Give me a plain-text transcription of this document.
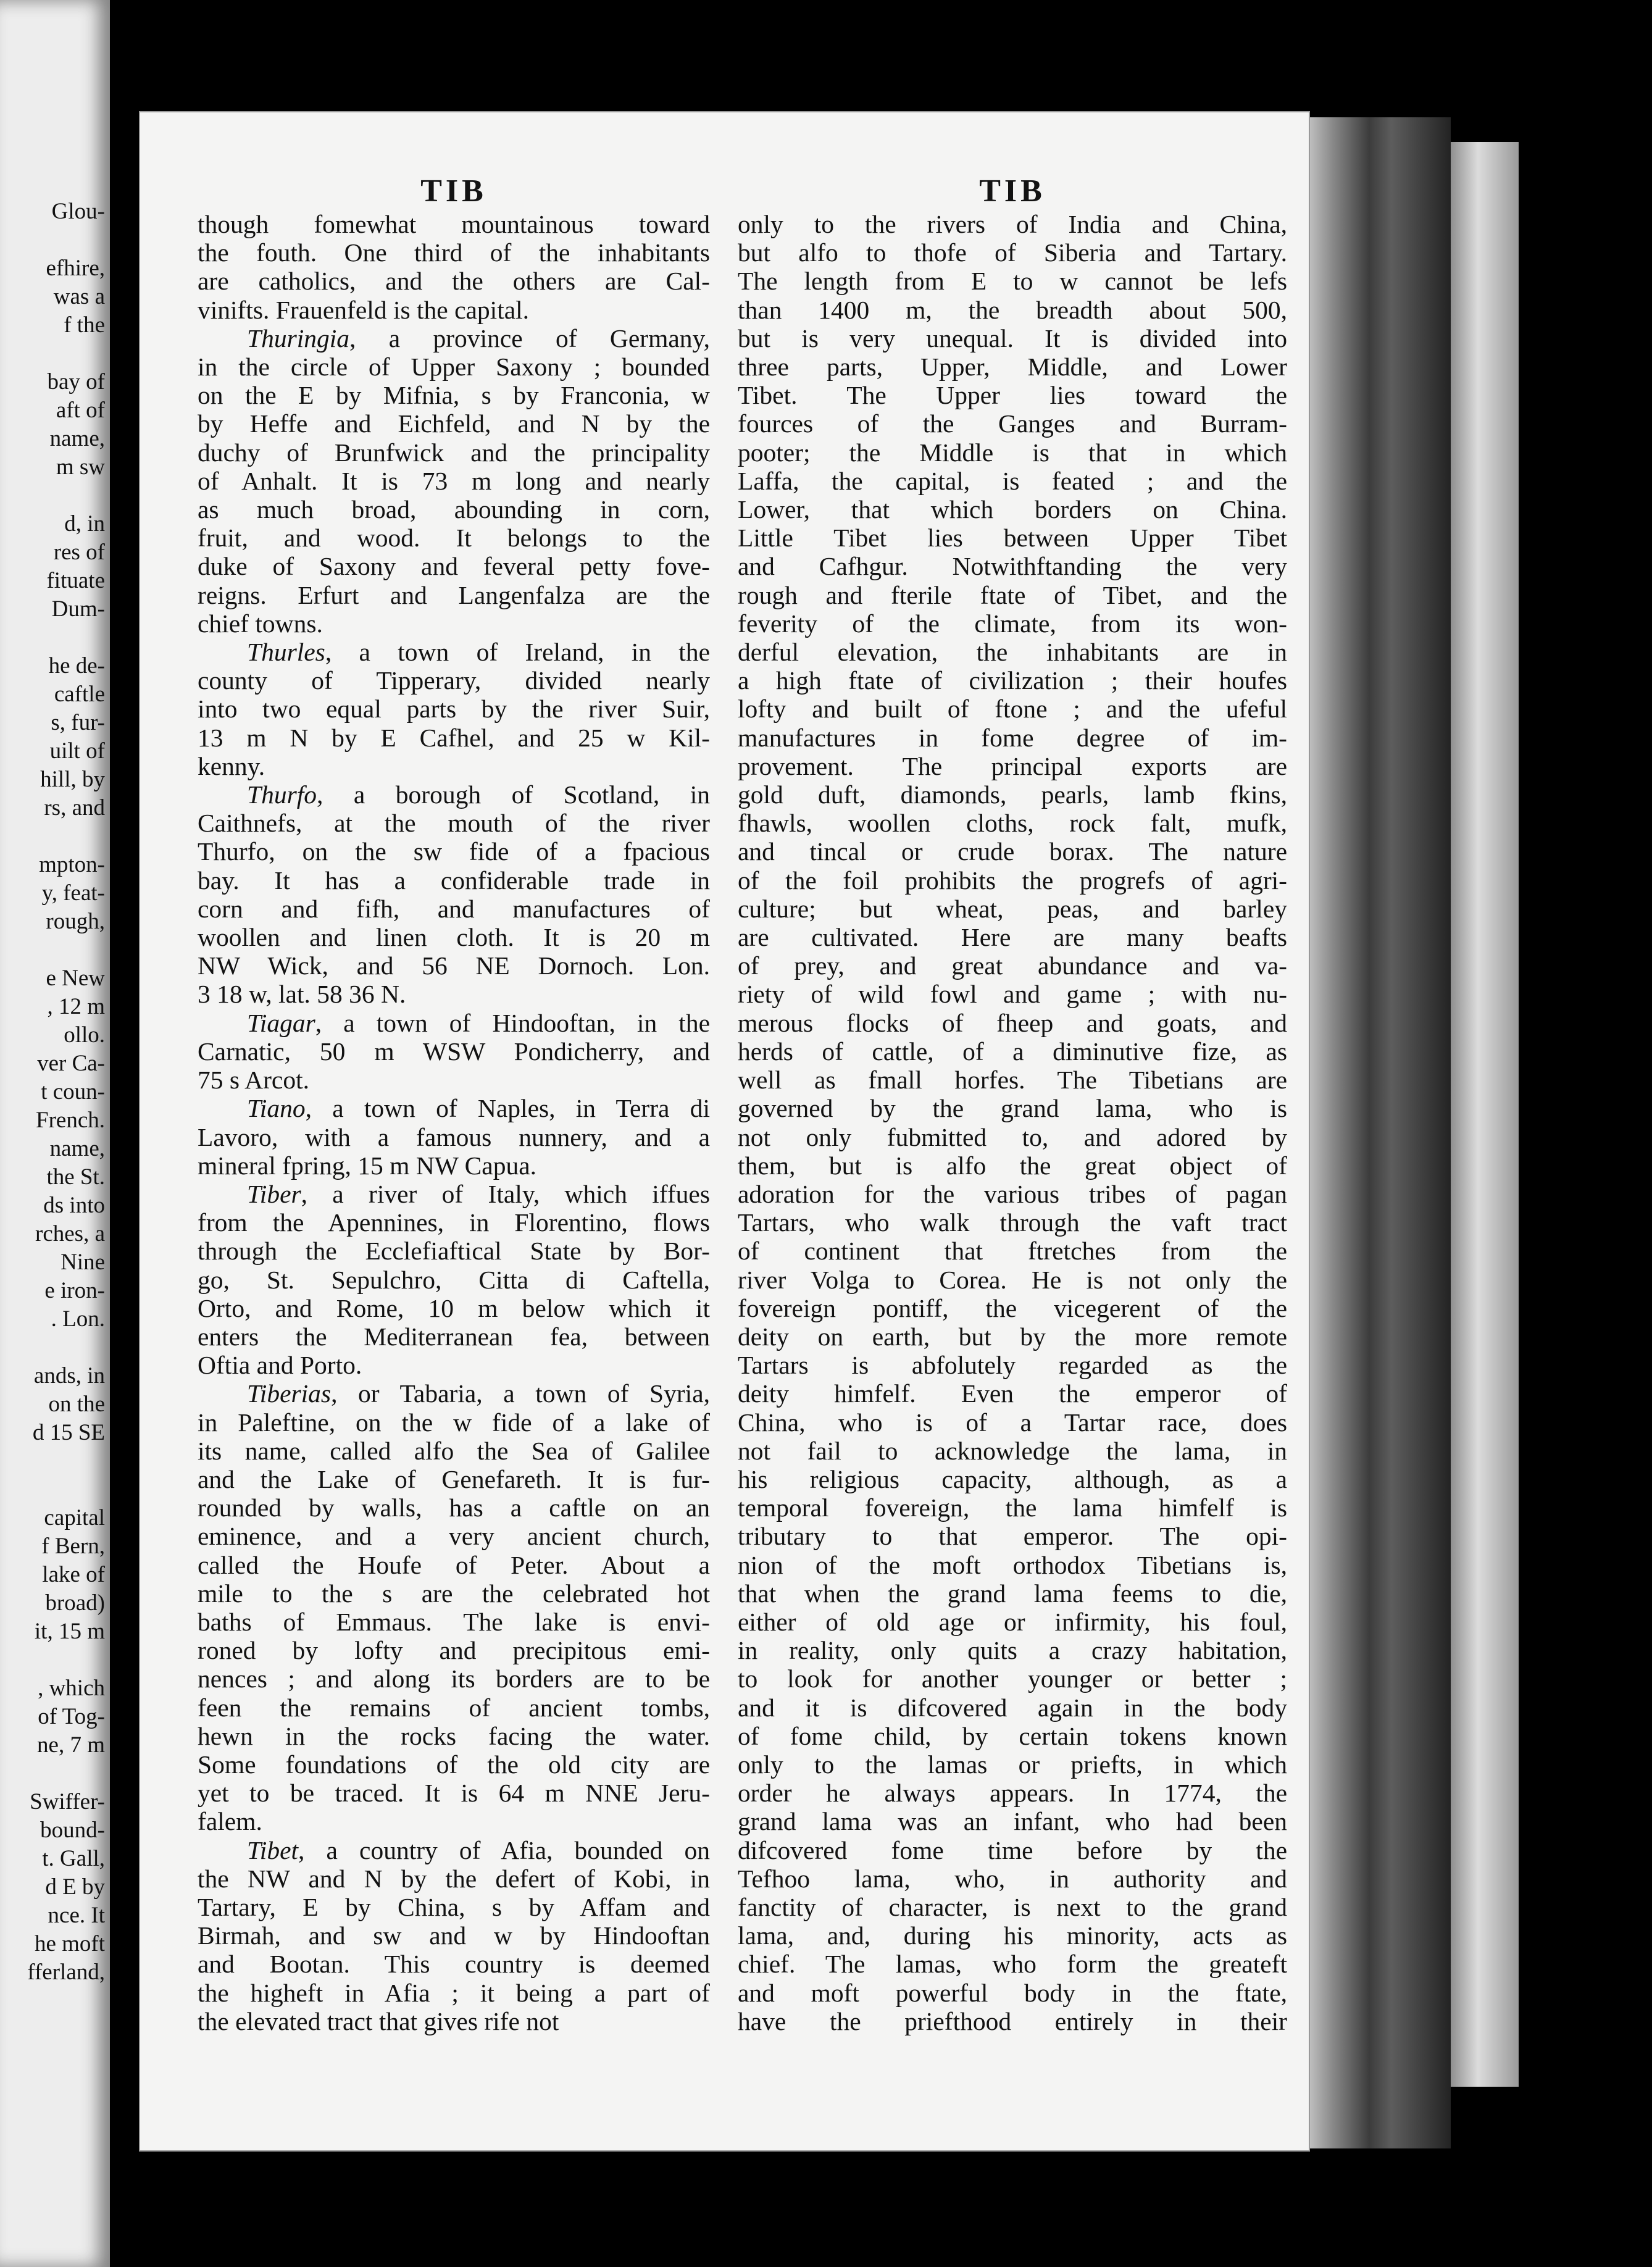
Glou-
efhire,
was a
f the
bay of
aft of
name,
m sw
d, in
res of
fituate
Dum-
he de-
caftle
s, fur-
uilt of
hill, by
rs, and
mpton-
y, feat-
rough,
e New
, 12 m
ollo.
ver Ca-
t coun-
French.
name,
the St.
ds into
rches, a
Nine
e iron-
. Lon.
ands, in
on the
d 15 SE
capital
f Bern,
lake of
broad)
it, 15 m
, which
of Tog-
ne, 7 m
Swiffer-
bound-
t. Gall,
d E by
nce. It
he moft
fferland,
TIB
though fomewhat mountainous toward
the fouth. One third of the inhabitants
are catholics, and the others are Cal-
vinifts. Frauenfeld is the capital.
Thuringia, a province of Germany,
in the circle of Upper Saxony ; bounded
on the E by Mifnia, s by Franconia, w
by Heffe and Eichfeld, and N by the
duchy of Brunfwick and the principality
of Anhalt. It is 73 m long and nearly
as much broad, abounding in corn,
fruit, and wood. It belongs to the
duke of Saxony and feveral petty fove-
reigns. Erfurt and Langenfalza are the
chief towns.
Thurles, a town of Ireland, in the
county of Tipperary, divided nearly
into two equal parts by the river Suir,
13 m N by E Cafhel, and 25 w Kil-
kenny.
Thurfo, a borough of Scotland, in
Caithnefs, at the mouth of the river
Thurfo, on the sw fide of a fpacious
bay. It has a confiderable trade in
corn and fifh, and manufactures of
woollen and linen cloth. It is 20 m
NW Wick, and 56 NE Dornoch. Lon.
3 18 w, lat. 58 36 N.
Tiagar, a town of Hindooftan, in the
Carnatic, 50 m WSW Pondicherry, and
75 s Arcot.
Tiano, a town of Naples, in Terra di
Lavoro, with a famous nunnery, and a
mineral fpring, 15 m NW Capua.
Tiber, a river of Italy, which iffues
from the Apennines, in Florentino, flows
through the Ecclefiaftical State by Bor-
go, St. Sepulchro, Citta di Caftella,
Orto, and Rome, 10 m below which it
enters the Mediterranean fea, between
Oftia and Porto.
Tiberias, or Tabaria, a town of Syria,
in Paleftine, on the w fide of a lake of
its name, called alfo the Sea of Galilee
and the Lake of Genefareth. It is fur-
rounded by walls, has a caftle on an
eminence, and a very ancient church,
called the Houfe of Peter. About a
mile to the s are the celebrated hot
baths of Emmaus. The lake is envi-
roned by lofty and precipitous emi-
nences ; and along its borders are to be
feen the remains of ancient tombs,
hewn in the rocks facing the water.
Some foundations of the old city are
yet to be traced. It is 64 m NNE Jeru-
falem.
Tibet, a country of Afia, bounded on
the NW and N by the defert of Kobi, in
Tartary, E by China, s by Affam and
Birmah, and sw and w by Hindooftan
and Bootan. This country is deemed
the higheft in Afia ; it being a part of
the elevated tract that gives rife not
TIB
only to the rivers of India and China,
but alfo to thofe of Siberia and Tartary.
The length from E to w cannot be lefs
than 1400 m, the breadth about 500,
but is very unequal. It is divided into
three parts, Upper, Middle, and Lower
Tibet. The Upper lies toward the
fources of the Ganges and Burram-
pooter; the Middle is that in which
Laffa, the capital, is feated ; and the
Lower, that which borders on China.
Little Tibet lies between Upper Tibet
and Cafhgur. Notwithftanding the very
rough and fterile ftate of Tibet, and the
feverity of the climate, from its won-
derful elevation, the inhabitants are in
a high ftate of civilization ; their houfes
lofty and built of ftone ; and the ufeful
manufactures in fome degree of im-
provement. The principal exports are
gold duft, diamonds, pearls, lamb fkins,
fhawls, woollen cloths, rock falt, mufk,
and tincal or crude borax. The nature
of the foil prohibits the progrefs of agri-
culture; but wheat, peas, and barley
are cultivated. Here are many beafts
of prey, and great abundance and va-
riety of wild fowl and game ; with nu-
merous flocks of fheep and goats, and
herds of cattle, of a diminutive fize, as
well as fmall horfes. The Tibetians are
governed by the grand lama, who is
not only fubmitted to, and adored by
them, but is alfo the great object of
adoration for the various tribes of pagan
Tartars, who walk through the vaft tract
of continent that ftretches from the
river Volga to Corea. He is not only the
fovereign pontiff, the vicegerent of the
deity on earth, but by the more remote
Tartars is abfolutely regarded as the
deity himfelf. Even the emperor of
China, who is of a Tartar race, does
not fail to acknowledge the lama, in
his religious capacity, although, as a
temporal fovereign, the lama himfelf is
tributary to that emperor. The opi-
nion of the moft orthodox Tibetians is,
that when the grand lama feems to die,
either of old age or infirmity, his foul,
in reality, only quits a crazy habitation,
to look for another younger or better ;
and it is difcovered again in the body
of fome child, by certain tokens known
only to the lamas or priefts, in which
order he always appears. In 1774, the
grand lama was an infant, who had been
difcovered fome time before by the
Tefhoo lama, who, in authority and
fanctity of character, is next to the grand
lama, and, during his minority, acts as
chief. The lamas, who form the greateft
and moft powerful body in the ftate,
have the priefthood entirely in their
